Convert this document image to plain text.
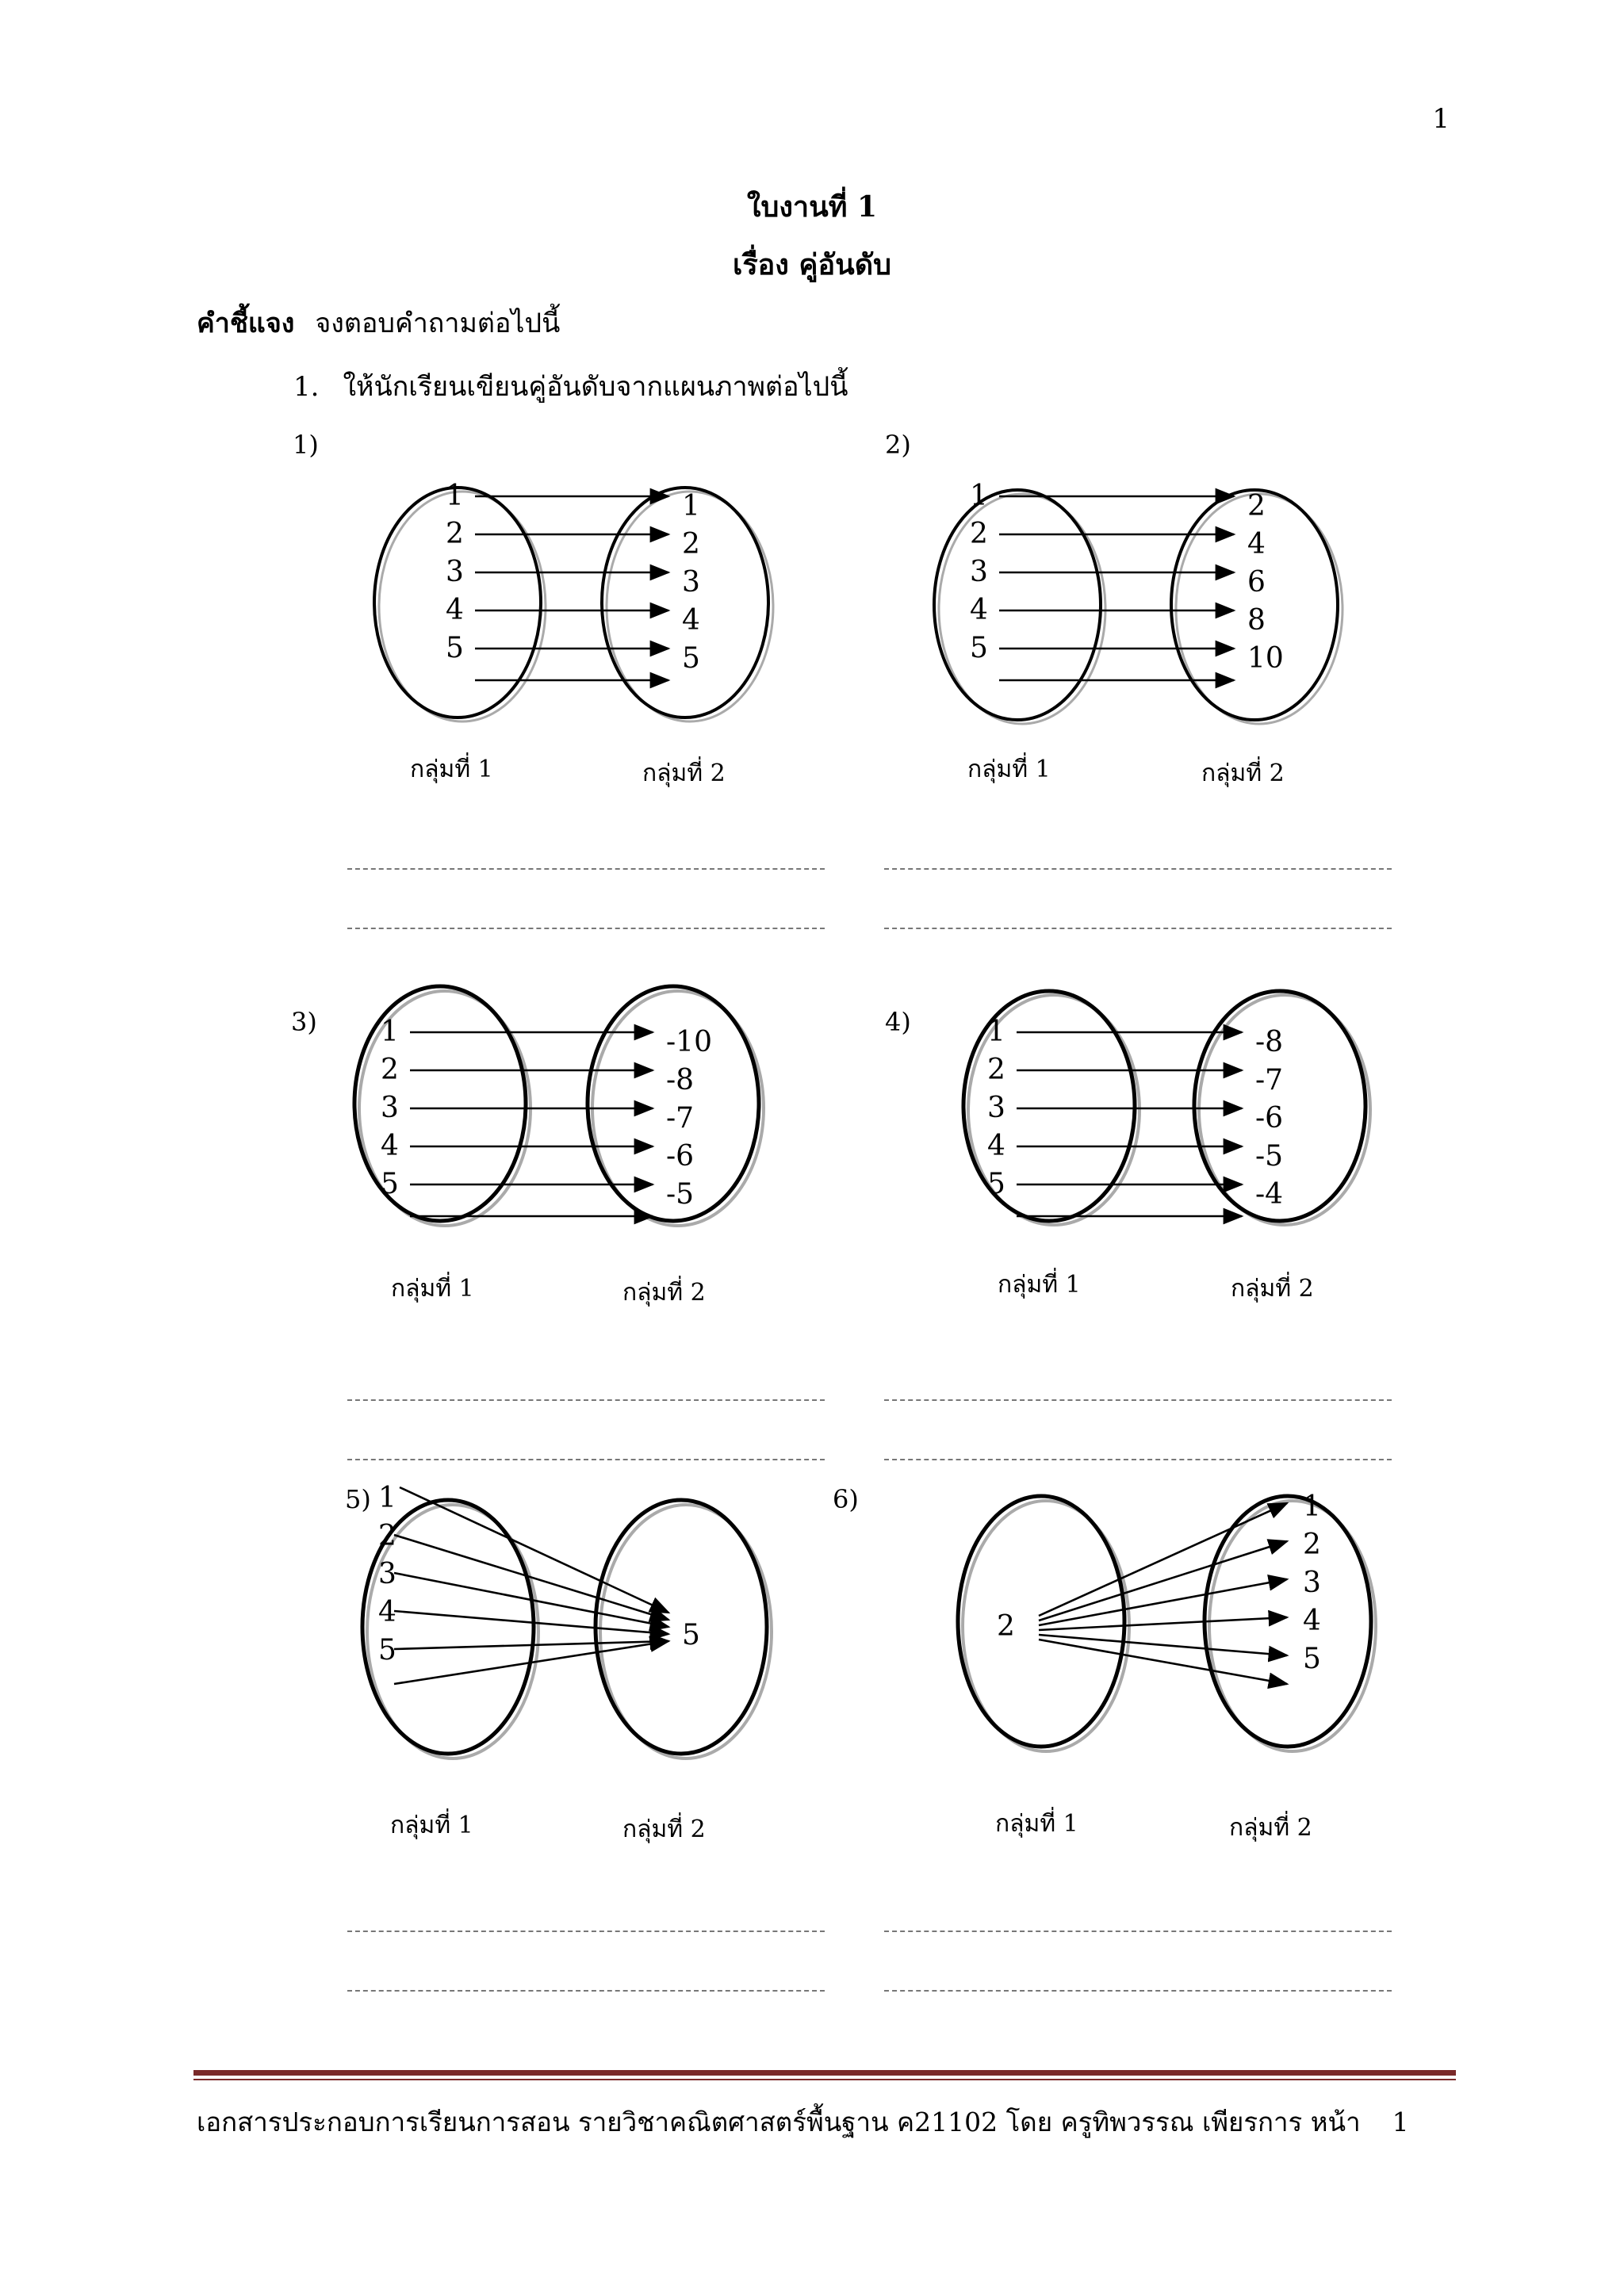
1
ใบงานที่ 1
เรื่อง คู่อันดับ
คำชี้แจง จงตอบคำถามต่อไปนี้
1. ให้นักเรียนเขียนคู่อันดับจากแผนภาพต่อไปนี้
1)
1
2
3
4
5
1
2
3
4
5
กลุ่มที่ 1	กลุ่มที่ 2
2)
1
2
3
4
5
2
4
6
8
10
กลุ่มที่ 1	กลุ่มที่ 2
3) 1
2
3
4
5
-10
-8
-7
-6
-5
กลุ่มที่ 1	กลุ่มที่ 2
4)	1
2
3
4
5
-8
-7
-6
-5
-4
กลุ่มที่ 1	กลุ่มที่ 2
5) 1
2
3
4
5	5
กลุ่มที่ 1	กลุ่มที่ 2
6)
2
1
2
3
4
5
กลุ่มที่ 1	กลุ่มที่ 2
เอกสารประกอบการเรียนการสอน รายวิชาคณิตศาสตร์พื้นฐาน ค21102 โดย ครูทิพวรรณ เพียรการ หน้า 1
